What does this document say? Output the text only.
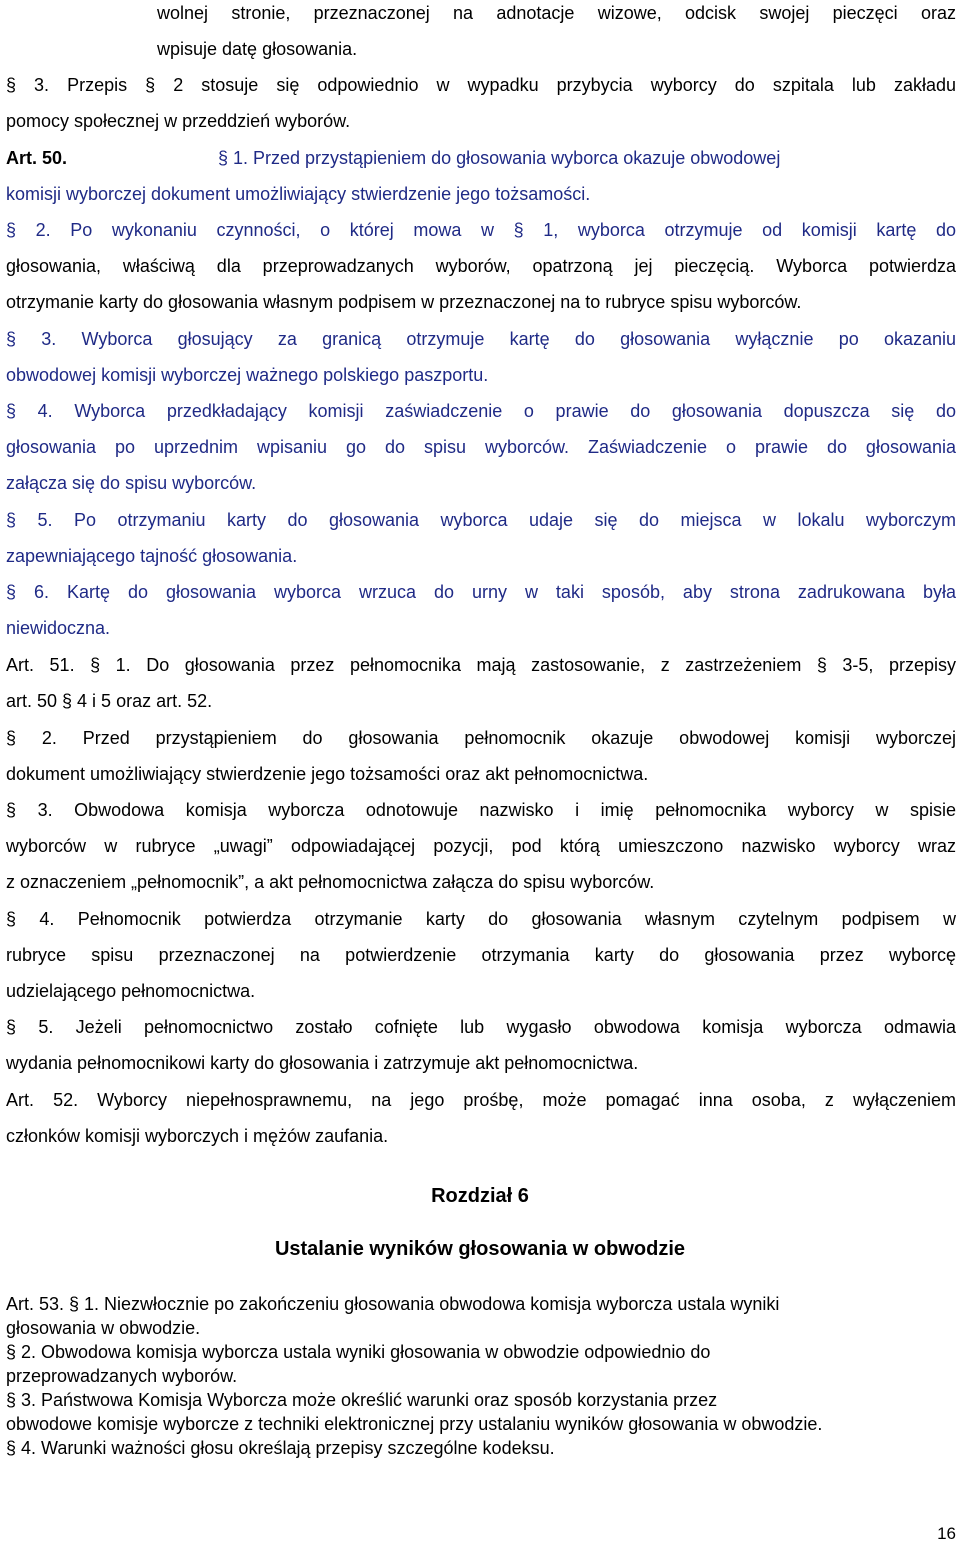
wolnej stronie, przeznaczonej na adnotacje wizowe, odcisk swojej pieczęci oraz
wpisuje datę głosowania.
§ 3. Przepis § 2 stosuje się odpowiednio w wypadku przybycia wyborcy do szpitala lub zakładu
pomocy społecznej w przeddzień wyborów.
Art. 50.	§ 1. Przed przystąpieniem do głosowania wyborca okazuje obwodowej
komisji wyborczej dokument umożliwiający stwierdzenie jego tożsamości.
§ 2. Po wykonaniu czynności, o której mowa w § 1, wyborca otrzymuje od komisji kartę do
głosowania, właściwą dla przeprowadzanych wyborów, opatrzoną jej pieczęcią. Wyborca potwierdza
otrzymanie karty do głosowania własnym podpisem w przeznaczonej na to rubryce spisu wyborców.
§ 3. Wyborca głosujący za granicą otrzymuje kartę do głosowania wyłącznie po okazaniu
obwodowej komisji wyborczej ważnego polskiego paszportu.
§ 4. Wyborca przedkładający komisji zaświadczenie o prawie do głosowania dopuszcza się do
głosowania po uprzednim wpisaniu go do spisu wyborców. Zaświadczenie o prawie do głosowania
załącza się do spisu wyborców.
§ 5. Po otrzymaniu karty do głosowania wyborca udaje się do miejsca w lokalu wyborczym
zapewniającego tajność głosowania.
§ 6. Kartę do głosowania wyborca wrzuca do urny w taki sposób, aby strona zadrukowana była
niewidoczna.
Art. 51. § 1. Do głosowania przez pełnomocnika mają zastosowanie, z zastrzeżeniem § 3-5, przepisy
art. 50 § 4 i 5 oraz art. 52.
§ 2. Przed przystąpieniem do głosowania pełnomocnik okazuje obwodowej komisji wyborczej
dokument umożliwiający stwierdzenie jego tożsamości oraz akt pełnomocnictwa.
§ 3. Obwodowa komisja wyborcza odnotowuje nazwisko i imię pełnomocnika wyborcy w spisie
wyborców w rubryce „uwagi” odpowiadającej pozycji, pod którą umieszczono nazwisko wyborcy wraz
z oznaczeniem „pełnomocnik”, a akt pełnomocnictwa załącza do spisu wyborców.
§ 4. Pełnomocnik potwierdza otrzymanie karty do głosowania własnym czytelnym podpisem w
rubryce spisu przeznaczonej na potwierdzenie otrzymania karty do głosowania przez wyborcę
udzielającego pełnomocnictwa.
§ 5. Jeżeli pełnomocnictwo zostało cofnięte lub wygasło obwodowa komisja wyborcza odmawia
wydania pełnomocnikowi karty do głosowania i zatrzymuje akt pełnomocnictwa.
Art. 52. Wyborcy niepełnosprawnemu, na jego prośbę, może pomagać inna osoba, z wyłączeniem
członków komisji wyborczych i mężów zaufania.
Rozdział 6
Ustalanie wyników głosowania w obwodzie
Art. 53. § 1. Niezwłocznie po zakończeniu głosowania obwodowa komisja wyborcza ustala wyniki
głosowania w obwodzie.
§ 2. Obwodowa komisja wyborcza ustala wyniki głosowania w obwodzie odpowiednio do
przeprowadzanych wyborów.
§ 3. Państwowa Komisja Wyborcza może określić warunki oraz sposób korzystania przez
obwodowe komisje wyborcze z techniki elektronicznej przy ustalaniu wyników głosowania w obwodzie.
§ 4. Warunki ważności głosu określają przepisy szczególne kodeksu.
16
